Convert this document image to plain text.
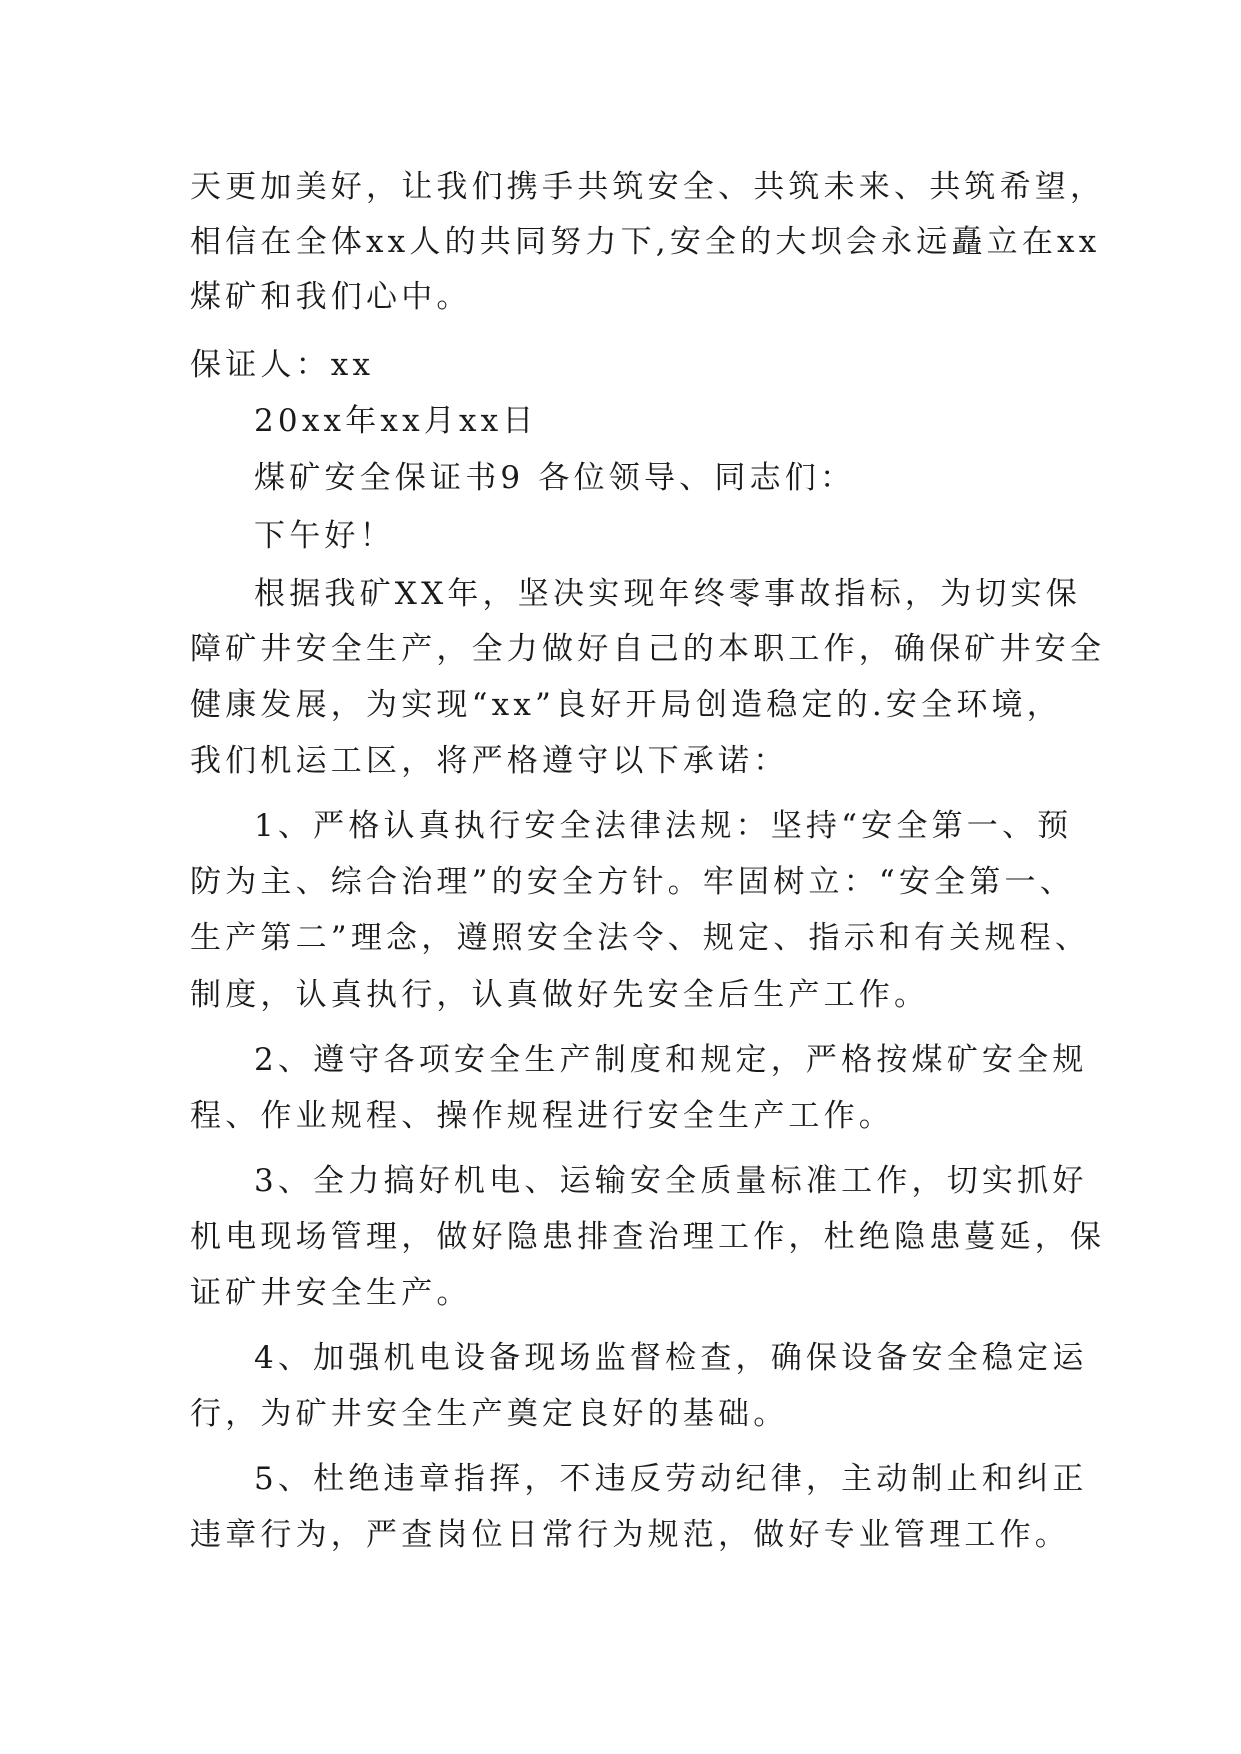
天更加美好，让我们携手共筑安全、共筑未来、共筑希望，
相信在全体xx人的共同努力下,安全的大坝会永远矗立在xx
煤矿和我们心中。
保证人：xx
20xx年xx月xx日
煤矿安全保证书9 各位领导、同志们：
下午好！
根据我矿XX年，坚决实现年终零事故指标，为切实保
障矿井安全生产，全力做好自己的本职工作，确保矿井安全
健康发展，为实现“xx”良好开局创造稳定的.安全环境，
我们机运工区，将严格遵守以下承诺：
1、严格认真执行安全法律法规：坚持“安全第一、预
防为主、综合治理”的安全方针。牢固树立：“安全第一、
生产第二”理念，遵照安全法令、规定、指示和有关规程、
制度，认真执行，认真做好先安全后生产工作。
2、遵守各项安全生产制度和规定，严格按煤矿安全规
程、作业规程、操作规程进行安全生产工作。
3、全力搞好机电、运输安全质量标准工作，切实抓好
机电现场管理，做好隐患排查治理工作，杜绝隐患蔓延，保
证矿井安全生产。
4、加强机电设备现场监督检查，确保设备安全稳定运
行，为矿井安全生产奠定良好的基础。
5、杜绝违章指挥，不违反劳动纪律，主动制止和纠正
违章行为，严查岗位日常行为规范，做好专业管理工作。
